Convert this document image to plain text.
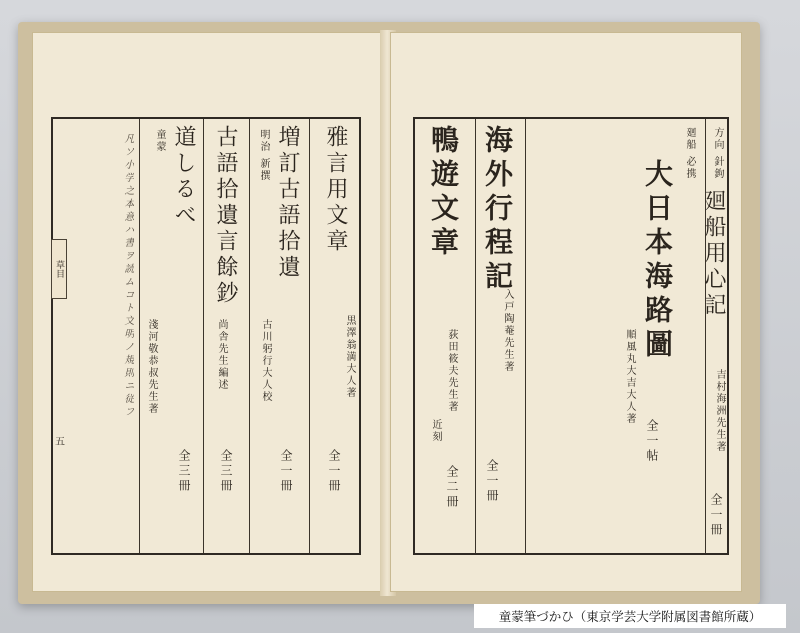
草目
五
凡ソ小学之本意ハ書ヲ読ムコト文明ノ規則ニ従フ 童蒙 道しるべ
淺河敬恭叔先生著
全三冊
古語拾遺言餘鈔
尚舎先生編述
全三冊
明治 新撰 増訂古語拾遺
古川躬行大人校
全一冊
雅言用文章
黒澤翁満大人著
全一冊
鴨遊文章
荻田筱夫先生著
近刻
全二冊
海外行程記
入戸陶菴先生著
全一冊
廻船 必携
大日本海路圖
順風丸大吉大人著
全一帖
方向 針鉤
廻船用心記
吉村海洲先生著
全一冊
童蒙筆づかひ（東京学芸大学附属図書館所蔵）
